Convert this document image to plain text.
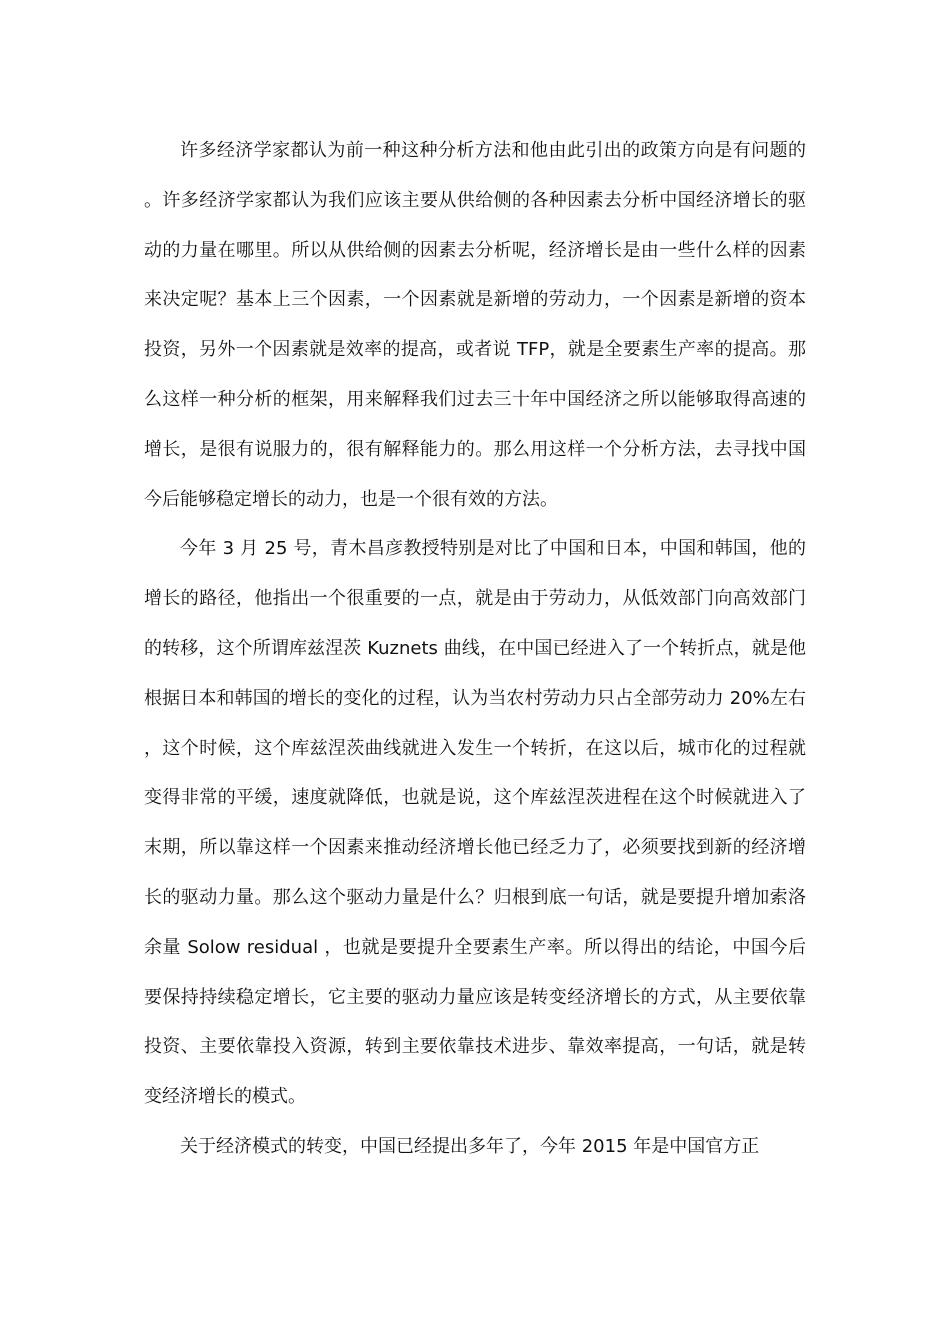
许多经济学家都认为前一种这种分析方法和他由此引出的政策方向是有问题的。许多经济学家都认为我们应该主要从供给侧的各种因素去分析中国经济增长的驱动的力量在哪里。所以从供给侧的因素去分析呢，经济增长是由一些什么样的因素来决定呢？基本上三个因素，一个因素就是新增的劳动力，一个因素是新增的资本投资，另外一个因素就是效率的提高，或者说 TFP，就是全要素生产率的提高。那么这样一种分析的框架，用来解释我们过去三十年中国经济之所以能够取得高速的增长，是很有说服力的，很有解释能力的。那么用这样一个分析方法，去寻找中国今后能够稳定增长的动力，也是一个很有效的方法。

今年 3 月 25 号，青木昌彦教授特别是对比了中国和日本，中国和韩国，他的增长的路径，他指出一个很重要的一点，就是由于劳动力，从低效部门向高效部门的转移，这个所谓库兹涅茨 Kuznets 曲线，在中国已经进入了一个转折点，就是他根据日本和韩国的增长的变化的过程，认为当农村劳动力只占全部劳动力 20%左右，这个时候，这个库兹涅茨曲线就进入发生一个转折，在这以后，城市化的过程就变得非常的平缓，速度就降低，也就是说，这个库兹涅茨进程在这个时候就进入了末期，所以靠这样一个因素来推动经济增长他已经乏力了，必须要找到新的经济增长的驱动力量。那么这个驱动力量是什么？归根到底一句话，就是要提升增加索洛余量 Solow residual ，也就是要提升全要素生产率。所以得出的结论，中国今后要保持持续稳定增长，它主要的驱动力量应该是转变经济增长的方式，从主要依靠投资、主要依靠投入资源，转到主要依靠技术进步、靠效率提高，一句话，就是转变经济增长的模式。

关于经济模式的转变，中国已经提出多年了，今年 2015 年是中国官方正
